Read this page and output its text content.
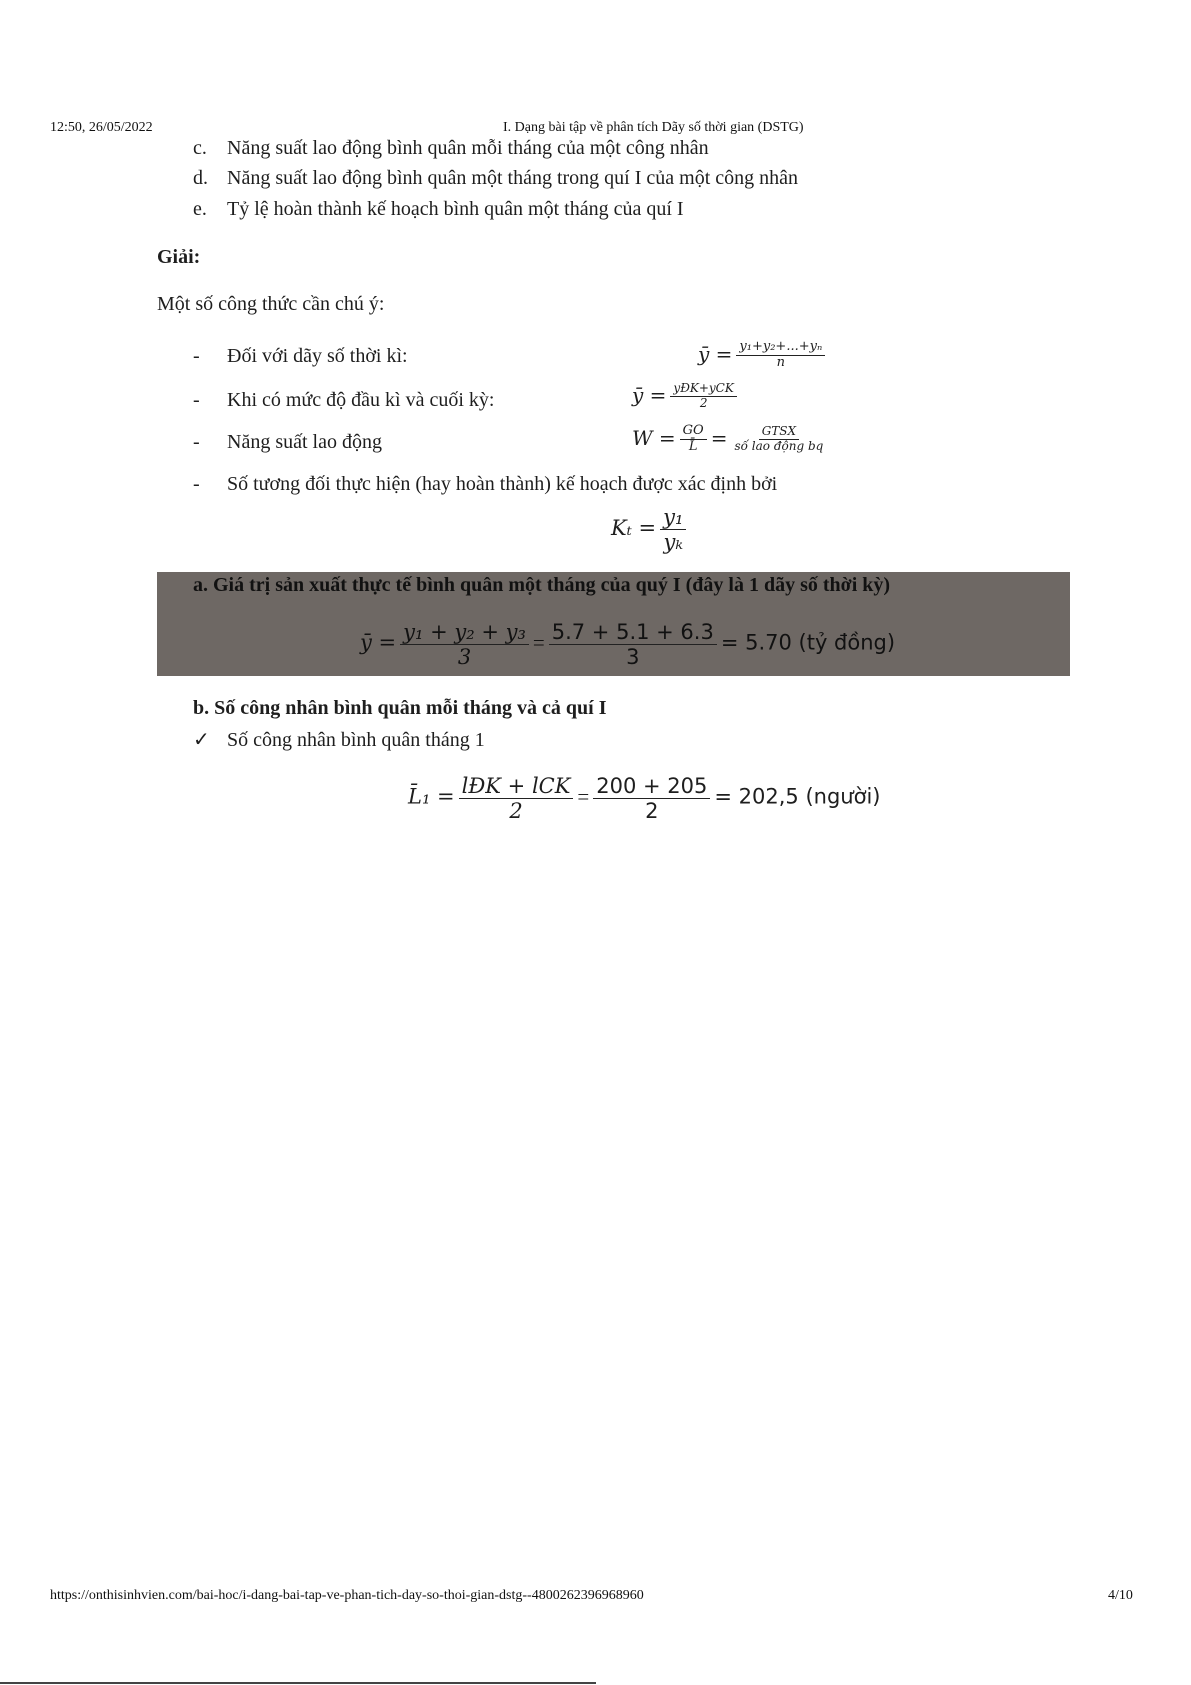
12:50, 26/05/2022	I. Dạng bài tập về phân tích Dãy số thời gian (DSTG)
c. Năng suất lao động bình quân mỗi tháng của một công nhân
d. Năng suất lao động bình quân một tháng trong quí I của một công nhân
e. Tỷ lệ hoàn thành kế hoạch bình quân một tháng của quí I
Giải:
Một số công thức cần chú ý:
- Đối với dãy số thời kì:	ȳ = $\frac{\text{y₁+y₂+...+yₙ}}{n}$
- Khi có mức độ đầu kì và cuối kỳ:	ȳ = $\frac{\text{yĐK+yCK}}{2}$
- Năng suất lao động	$W = \frac{GO}{L̄} = \frac{\text{GTSX}}{\text{số lao động bq}}$
- Số tương đối thực hiện (hay hoàn thành) kế hoạch được xác định bởi
$K_t = \frac{\text{y₁}}{\text{yₖ}}$
a. Giá trị sản xuất thực tế bình quân một tháng của quý I (đây là 1 dãy số thời kỳ)
ȳ = $\frac{\text{y₁ + y₂ + y₃}}{3} = \frac{5.7 + 5.1 + 6.3}{3} = 5.70$ (tỷ đồng)
b. Số công nhân bình quân mỗi tháng và cả quí I
✓ Số công nhân bình quân tháng 1
L̄₁ = $\frac{\text{lĐK + lCK}}{2} = \frac{200 + 205}{2} = 202,5$ (người)
https://onthisinhvien.com/bai-hoc/i-dang-bai-tap-ve-phan-tich-day-so-thoi-gian-dstg--4800262396968960	4/10
